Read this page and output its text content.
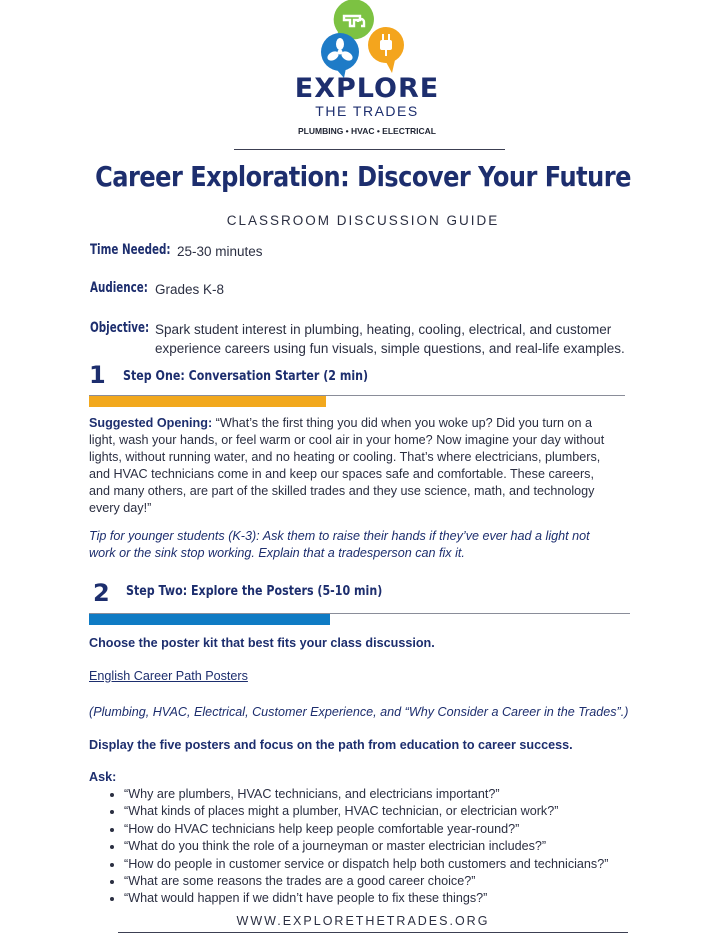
EXPLORE
THE TRADES
PLUMBING • HVAC • ELECTRICAL
Career Exploration: Discover Your Future
CLASSROOM DISCUSSION GUIDE
Time Needed: 25-30 minutes
Audience: Grades K-8
Objective: Spark student interest in plumbing, heating, cooling, electrical, and customer
experience careers using fun visuals, simple questions, and real-life examples.
1 Step One: Conversation Starter (2 min)
Suggested Opening: “What’s the first thing you did when you woke up? Did you turn on a
light, wash your hands, or feel warm or cool air in your home? Now imagine your day without
lights, without running water, and no heating or cooling. That’s where electricians, plumbers,
and HVAC technicians come in and keep our spaces safe and comfortable. These careers,
and many others, are part of the skilled trades and they use science, math, and technology
every day!”
Tip for younger students (K-3): Ask them to raise their hands if they’ve ever had a light not
work or the sink stop working. Explain that a tradesperson can fix it.
2 Step Two: Explore the Posters (5-10 min)
Choose the poster kit that best fits your class discussion.
English Career Path Posters
(Plumbing, HVAC, Electrical, Customer Experience, and “Why Consider a Career in the Trades”.)
Display the five posters and focus on the path from education to career success.
Ask:
• “Why are plumbers, HVAC technicians, and electricians important?”
• “What kinds of places might a plumber, HVAC technician, or electrician work?”
• “How do HVAC technicians help keep people comfortable year-round?”
• “What do you think the role of a journeyman or master electrician includes?”
• “How do people in customer service or dispatch help both customers and technicians?”
• “What are some reasons the trades are a good career choice?”
• “What would happen if we didn’t have people to fix these things?”
WWW.EXPLORETHETRADES.ORG
